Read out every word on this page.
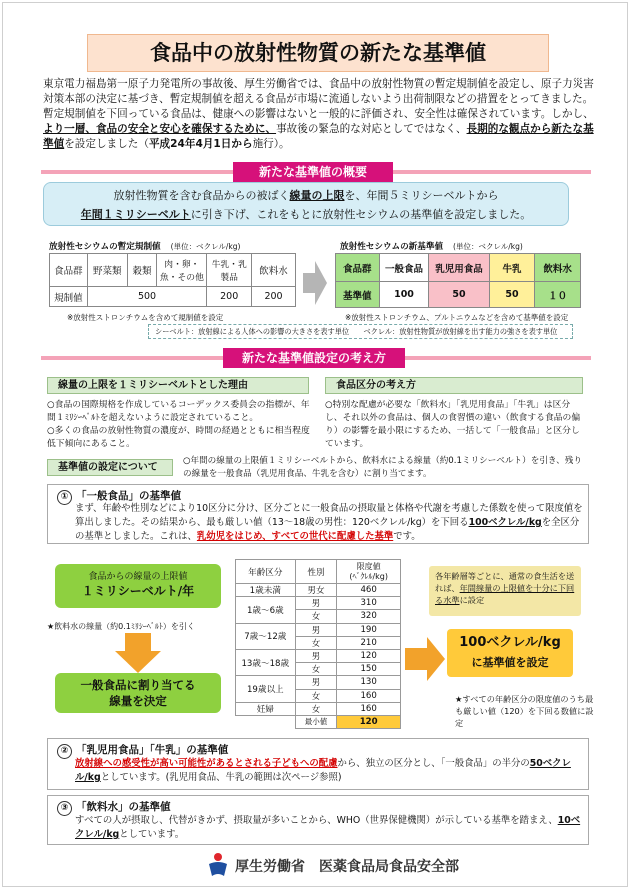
食品中の放射性物質の新たな基準値
東京電力福島第一原子力発電所の事故後、厚生労働省では、食品中の放射性物質の暫定規制値を設定し、原子力災害対策本部の決定に基づき、暫定規制値を超える食品が市場に流通しないよう出荷制限などの措置をとってきました。暫定規制値を下回っている食品は、健康への影響はないと一般的に評価され、安全性は確保されています。しかし、より一層、食品の安全と安心を確保するために、事故後の緊急的な対応としてではなく、長期的な観点から新たな基準値を設定しました（平成24年4月1日から施行）。
新たな基準値の概要
放射性物質を含む食品からの被ばく線量の上限を、年間５ミリシーベルトから
年間１ミリシーベルトに引き下げ、これをもとに放射性セシウムの基準値を設定しました。
放射性セシウムの暫定規制値 (単位：ベクレル/kg)
食品群	野菜類	穀類	肉・卵・魚・その他	牛乳・乳製品	飲料水
規制値	500			200	200
※放射性ストロンチウムを含めて規制値を設定
放射性セシウムの新基準値 (単位：ベクレル/kg)
食品群	一般食品	乳児用食品	牛乳	飲料水
基準値	100	50	50	１０
※放射性ストロンチウム、プルトニウムなどを含めて基準値を設定
シーベルト：放射線による人体への影響の大きさを表す単位　　ベクレル：放射性物質が放射線を出す能力の強さを表す単位
新たな基準値設定の考え方
線量の上限を１ミリシーベルトとした理由
○食品の国際規格を作成しているコーデックス委員会の指標が、年間１ﾐﾘｼｰﾍﾞﾙﾄを超えないように設定されていること。
○多くの食品の放射性物質の濃度が、時間の経過とともに相当程度低下傾向にあること。
食品区分の考え方
○特別な配慮が必要な「飲料水」「乳児用食品」「牛乳」は区分し、それ以外の食品は、個人の食習慣の違い（飲食する食品の偏り）の影響を最小限にするため、一括して「一般食品」と区分しています。
基準値の設定について
○年間の線量の上限値１ミリシーベルトから、飲料水による線量（約0.1ミリシーベルト）を引き、残りの線量を一般食品（乳児用食品、牛乳を含む）に割り当てます。
① 「一般食品」の基準値
まず、年齢や性別などにより10区分に分け、区分ごとに一般食品の摂取量と体格や代謝を考慮した係数を使って限度値を算出しました。その結果から、最も厳しい値（13～18歳の男性：120ベクレル/kg）を下回る100ベクレル/kgを全区分の基準としました。これは、乳幼児をはじめ、すべての世代に配慮した基準です。
食品からの線量の上限値
１ミリシーベルト/年
★飲料水の線量（約0.1ﾐﾘｼｰﾍﾞﾙﾄ）を引く
一般食品に割り当てる
線量を決定
年齢区分	性別	限度値
(ﾍﾞｸﾚﾙ/kg)
1歳未満	男女	460
1歳～6歳	男	310
	女	320
7歳～12歳	男	190
	女	210
13歳～18歳	男	120
	女	150
19歳以上	男	130
	女	160
妊婦	女	160
	最小値	120
各年齢層等ごとに、通常の食生活を送れば、年間線量の上限値を十分に下回る水準に設定
100ベクレル/kg
に基準値を設定
★すべての年齢区分の限度値のうち最も厳しい値（120）を下回る数値に設定
② 「乳児用食品」「牛乳」の基準値
放射線への感受性が高い可能性があるとされる子どもへの配慮から、独立の区分とし、「一般食品」の半分の50ベクレル/kgとしています。(乳児用食品、牛乳の範囲は次ページ参照)
③ 「飲料水」の基準値
すべての人が摂取し、代替がきかず、摂取量が多いことから、WHO（世界保健機関）が示している基準を踏まえ、10ベクレル/kgとしています。
厚生労働省　医薬食品局食品安全部
